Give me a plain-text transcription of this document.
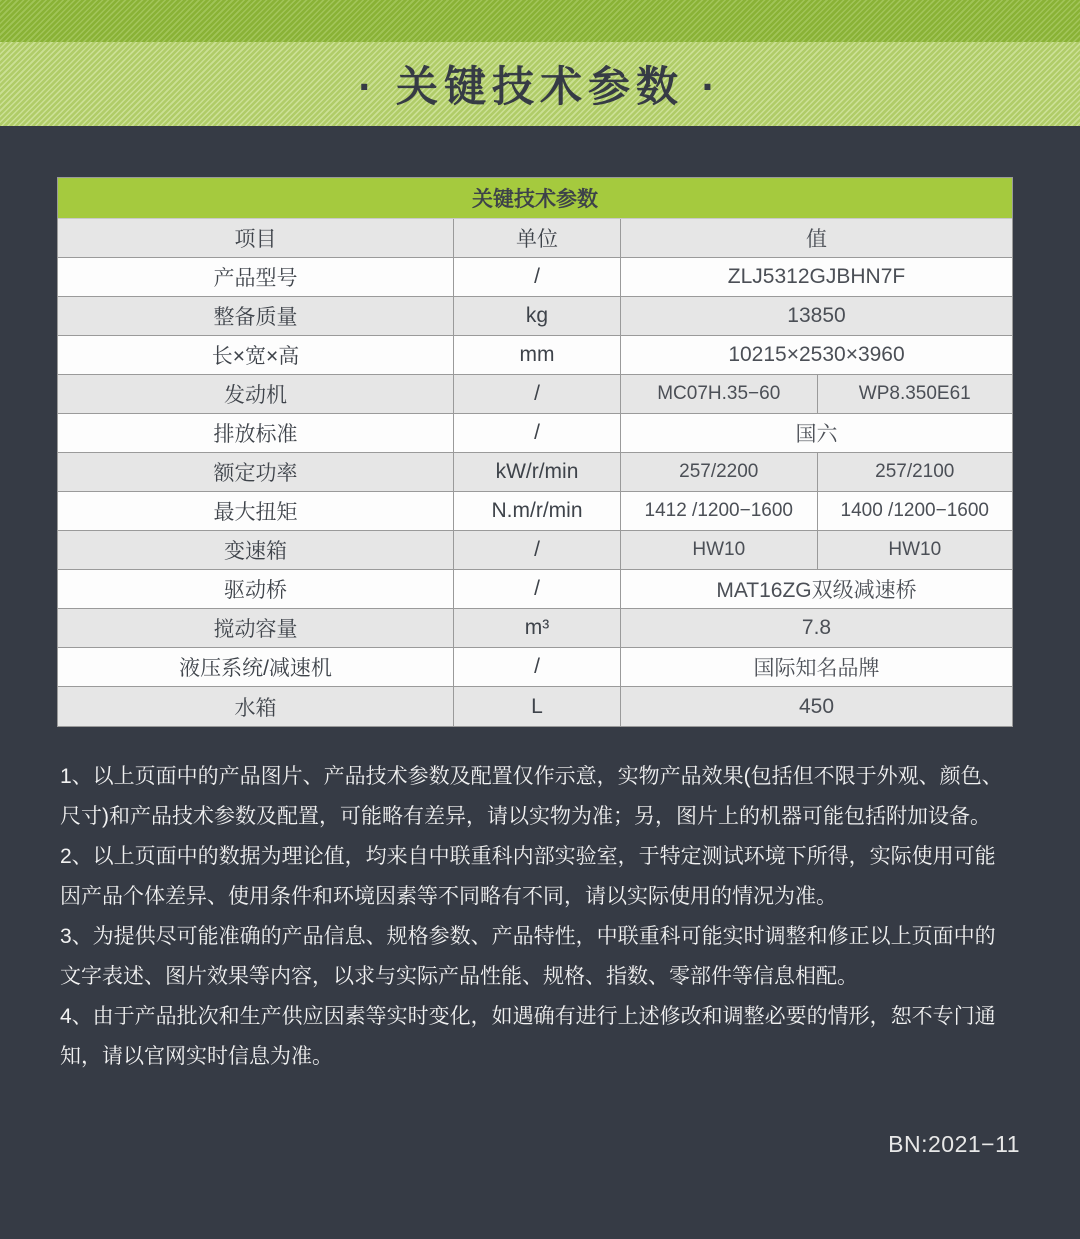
· 关键技术参数 ·
关键技术参数
项目	单位	值
产品型号	/	ZLJ5312GJBHN7F
整备质量	kg	13850
长×宽×高	mm	10215×2530×3960
发动机	/	MC07H.35−60	WP8.350E61
排放标准	/	国六
额定功率	kW/r/min	257/2200	257/2100
最大扭矩	N.m/r/min	1412 /1200−1600	1400 /1200−1600
变速箱	/	HW10	HW10
驱动桥	/	MAT16ZG双级减速桥
搅动容量	m³	7.8
液压系统/减速机	/	国际知名品牌
水箱	L	450
1、以上页面中的产品图片、产品技术参数及配置仅作示意，实物产品效果(包括但不限于外观、颜色、
尺寸)和产品技术参数及配置，可能略有差异，请以实物为准；另，图片上的机器可能包括附加设备。
2、以上页面中的数据为理论值，均来自中联重科内部实验室，于特定测试环境下所得，实际使用可能
因产品个体差异、使用条件和环境因素等不同略有不同，请以实际使用的情况为准。
3、为提供尽可能准确的产品信息、规格参数、产品特性，中联重科可能实时调整和修正以上页面中的
文字表述、图片效果等内容，以求与实际产品性能、规格、指数、零部件等信息相配。
4、由于产品批次和生产供应因素等实时变化，如遇确有进行上述修改和调整必要的情形，恕不专门通
知，请以官网实时信息为准。
BN:2021−11
